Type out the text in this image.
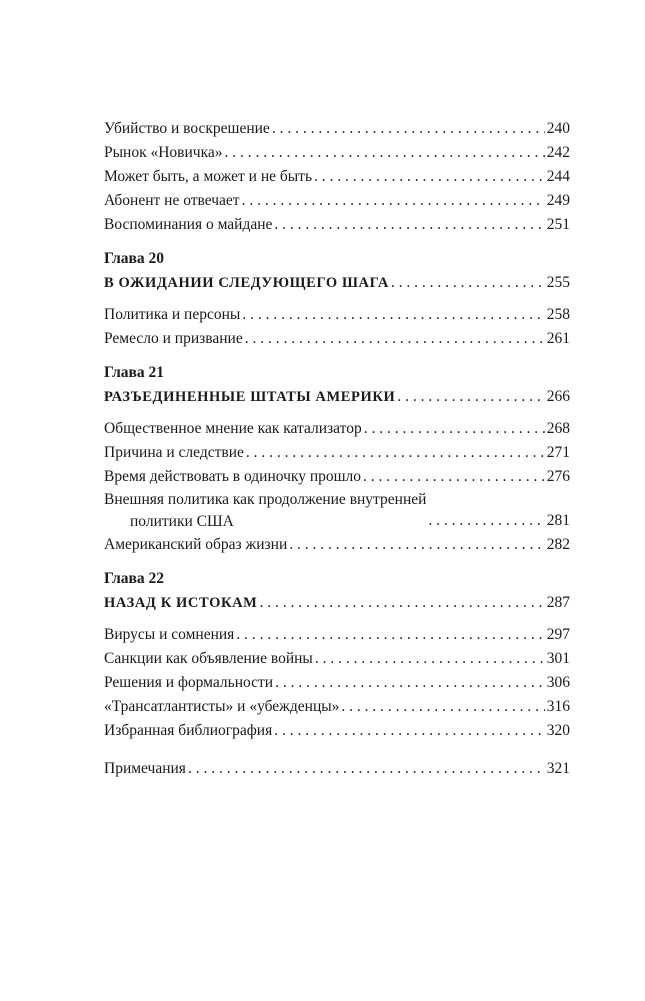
Убийство и воскрешение . . .	240
Рынок «Новичка» . . .	242
Может быть, а может и не быть . . .	244
Абонент не отвечает . . .	249
Воспоминания о майдане . . .	251
Глава 20
В ОЖИДАНИИ СЛЕДУЮЩЕГО ШАГА . . .	255
Политика и персоны . . .	258
Ремесло и призвание . . .	261
Глава 21
РАЗЪЕДИНЕННЫЕ ШТАТЫ АМЕРИКИ . . .	266
Общественное мнение как катализатор . . .	268
Причина и следствие . . .	271
Время действовать в одиночку прошло . . .	276
Внешняя политика как продолжение внутренней
политики США . . .	281
Американский образ жизни . . .	282
Глава 22
НАЗАД К ИСТОКАМ . . .	287
Вирусы и сомнения . . .	297
Санкции как объявление войны . . .	301
Решения и формальности . . .	306
«Трансатлантисты» и «убежденцы» . . .	316
Избранная библиография . . .	320
Примечания . . .	321
